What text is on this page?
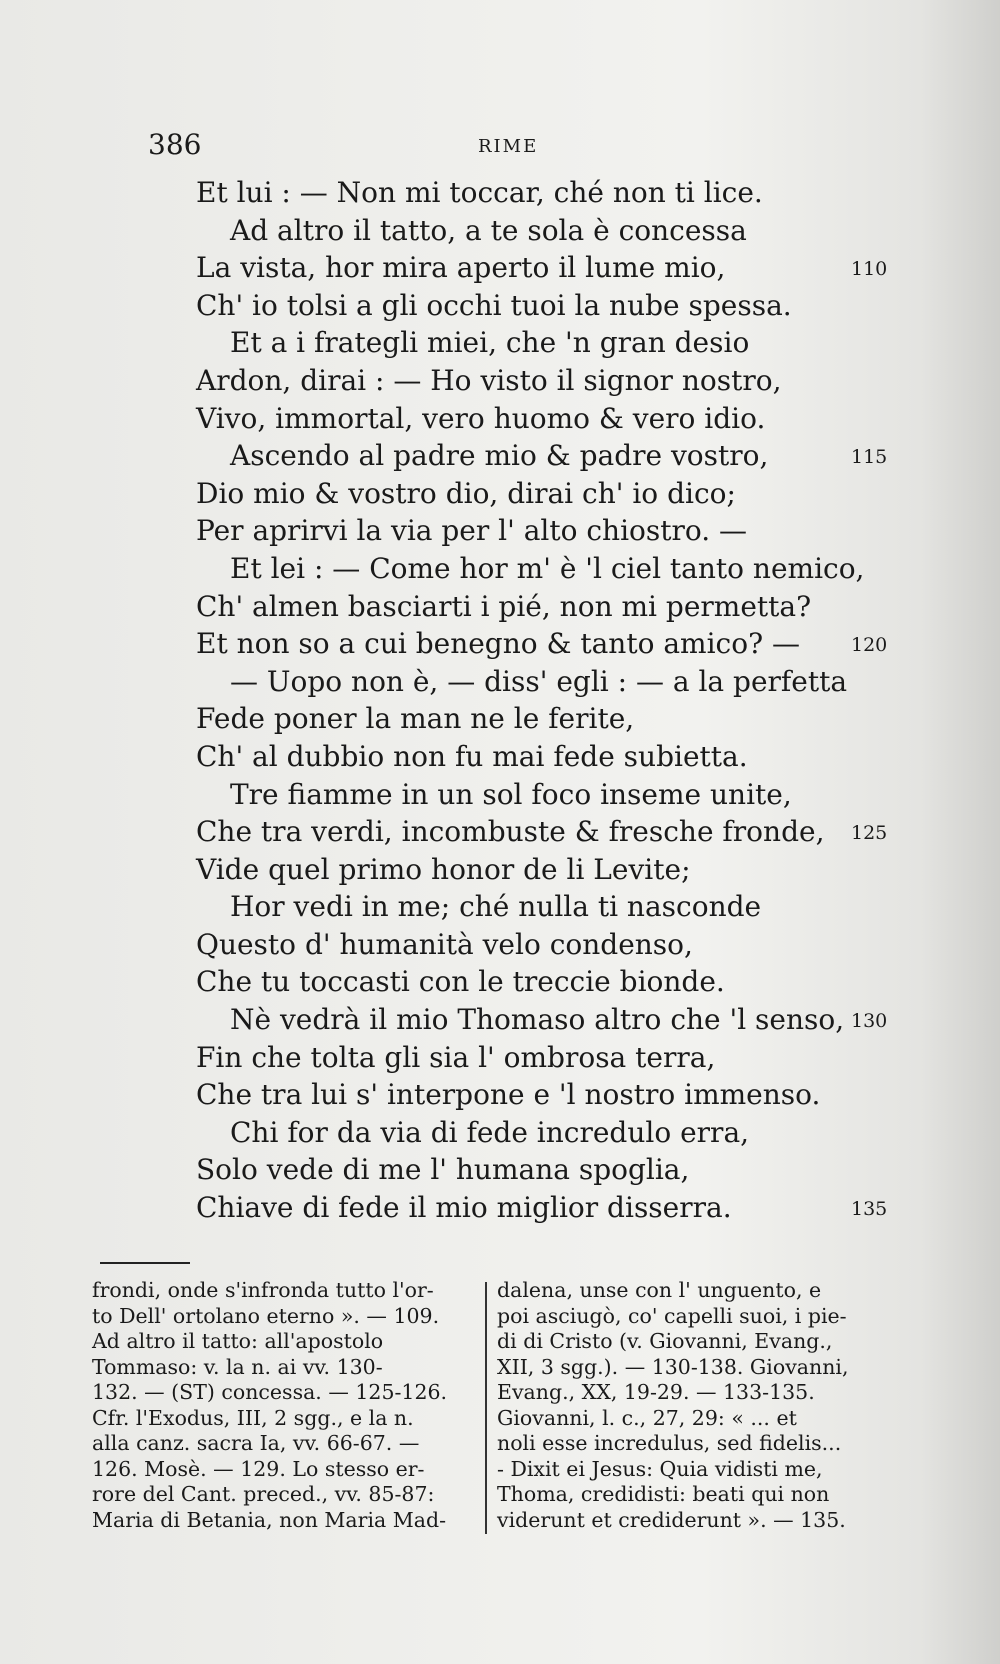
386	RIME
Et lui : — Non mi toccar, ché non ti lice.
Ad altro il tatto, a te sola è concessa
La vista, hor mira aperto il lume mio,	110
Ch' io tolsi a gli occhi tuoi la nube spessa.
Et a i frategli miei, che 'n gran desio
Ardon, dirai : — Ho visto il signor nostro,
Vivo, immortal, vero huomo & vero idio.
Ascendo al padre mio & padre vostro,	115
Dio mio & vostro dio, dirai ch' io dico;
Per aprirvi la via per l' alto chiostro. —
Et lei : — Come hor m' è 'l ciel tanto nemico,
Ch' almen basciarti i pié, non mi permetta?
Et non so a cui benegno & tanto amico? —	120
— Uopo non è, — diss' egli : — a la perfetta
Fede poner la man ne le ferite,
Ch' al dubbio non fu mai fede subietta.
Tre fiamme in un sol foco inseme unite,
Che tra verdi, incombuste & fresche fronde, 125
Vide quel primo honor de li Levite;
Hor vedi in me; ché nulla ti nasconde
Questo d' humanità velo condenso,
Che tu toccasti con le treccie bionde.
Nè vedrà il mio Thomaso altro che 'l senso, 130
Fin che tolta gli sia l' ombrosa terra,
Che tra lui s' interpone e 'l nostro immenso.
Chi for da via di fede incredulo erra,
Solo vede di me l' humana spoglia,
Chiave di fede il mio miglior disserra.	135
frondi, onde s'infronda tutto l'or-
to Dell' ortolano eterno ». — 109.
Ad altro il tatto: all'apostolo
Tommaso: v. la n. ai vv. 130-
132. — (ST) concessa. — 125-126.
Cfr. l'Exodus, III, 2 sgg., e la n.
alla canz. sacra Ia, vv. 66-67. —
126. Mosè. — 129. Lo stesso er-
rore del Cant. preced., vv. 85-87:
Maria di Betania, non Maria Mad-
dalena, unse con l' unguento, e
poi asciugò, co' capelli suoi, i pie-
di di Cristo (v. Giovanni, Evang.,
XII, 3 sgg.). — 130-138. Giovanni,
Evang., XX, 19-29. — 133-135.
Giovanni, l. c., 27, 29: « ... et
noli esse incredulus, sed fidelis...
- Dixit ei Jesus: Quia vidisti me,
Thoma, credidisti: beati qui non
viderunt et crediderunt ». — 135.
